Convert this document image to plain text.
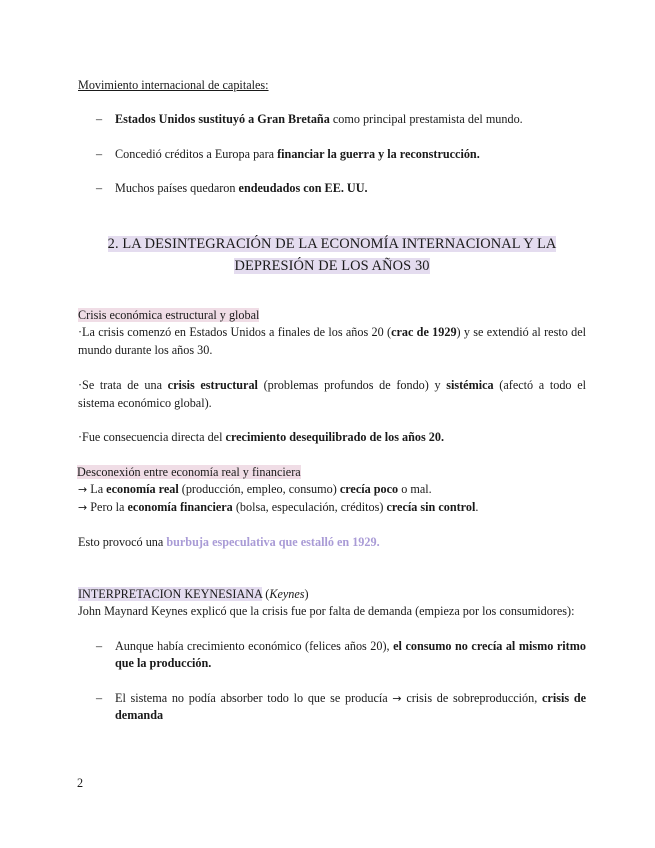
Movimiento internacional de capitales:
– Estados Unidos sustituyó a Gran Bretaña como principal prestamista del mundo.
– Concedió créditos a Europa para financiar la guerra y la reconstrucción.
– Muchos países quedaron endeudados con EE. UU.
2. LA DESINTEGRACIÓN DE LA ECONOMÍA INTERNACIONAL Y LA
DEPRESIÓN DE LOS AÑOS 30
Crisis económica estructural y global
·La crisis comenzó en Estados Unidos a finales de los años 20 (crac de 1929) y se extendió al resto del mundo durante los años 30.
·Se trata de una crisis estructural (problemas profundos de fondo) y sistémica (afectó a todo el sistema económico global).
·Fue consecuencia directa del crecimiento desequilibrado de los años 20.
Desconexión entre economía real y financiera
→ La economía real (producción, empleo, consumo) crecía poco o mal.
→ Pero la economía financiera (bolsa, especulación, créditos) crecía sin control.
Esto provocó una burbuja especulativa que estalló en 1929.
INTERPRETACION KEYNESIANA (Keynes)
John Maynard Keynes explicó que la crisis fue por falta de demanda (empieza por los consumidores):
– Aunque había crecimiento económico (felices años 20), el consumo no crecía al mismo ritmo que la producción.
– El sistema no podía absorber todo lo que se producía → crisis de sobreproducción, crisis de demanda
2
